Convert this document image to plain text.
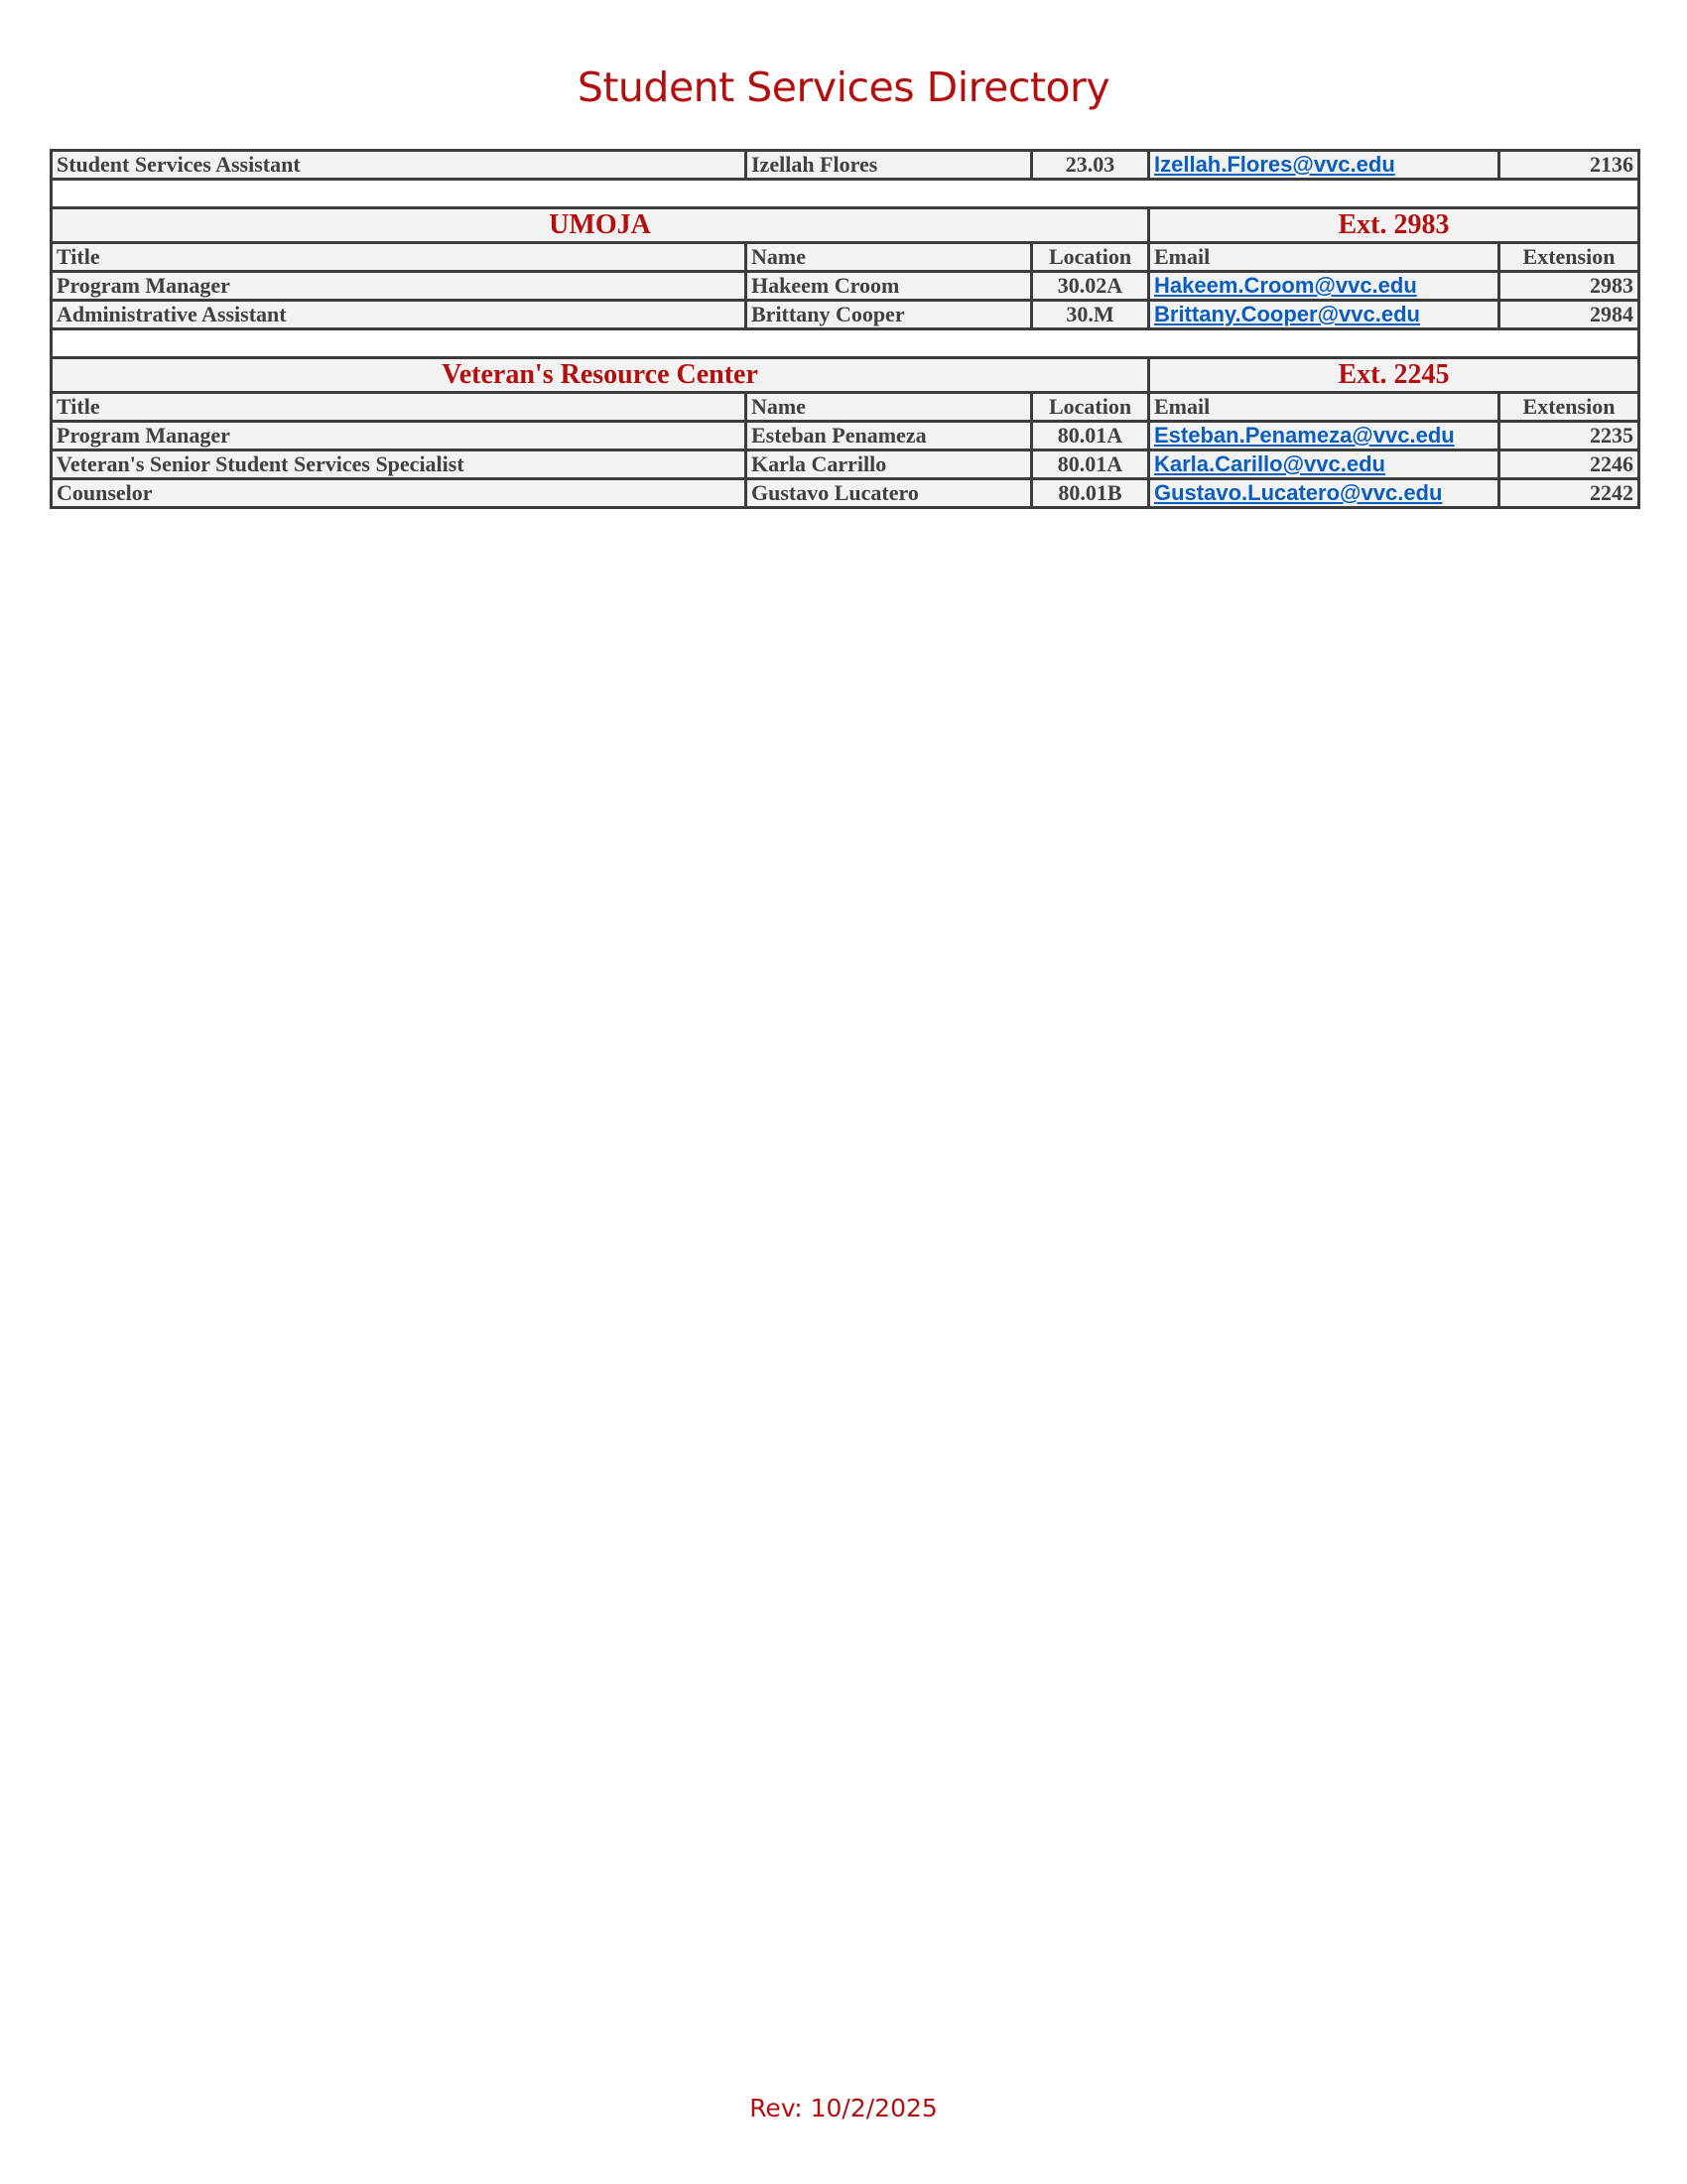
Student Services Directory
Student Services Assistant	Izellah Flores	23.03	Izellah.Flores@vvc.edu	2136

UMOJA			Ext. 2983	
Title	Name	Location	Email	Extension
Program Manager	Hakeem Croom	30.02A	Hakeem.Croom@vvc.edu	2983
Administrative Assistant	Brittany Cooper	30.M	Brittany.Cooper@vvc.edu	2984

Veteran's Resource Center			Ext. 2245	
Title	Name	Location	Email	Extension
Program Manager	Esteban Penameza	80.01A	Esteban.Penameza@vvc.edu	2235
Veteran's Senior Student Services Specialist	Karla Carrillo	80.01A	Karla.Carillo@vvc.edu	2246
Counselor	Gustavo Lucatero	80.01B	Gustavo.Lucatero@vvc.edu	2242
Rev: 10/2/2025
